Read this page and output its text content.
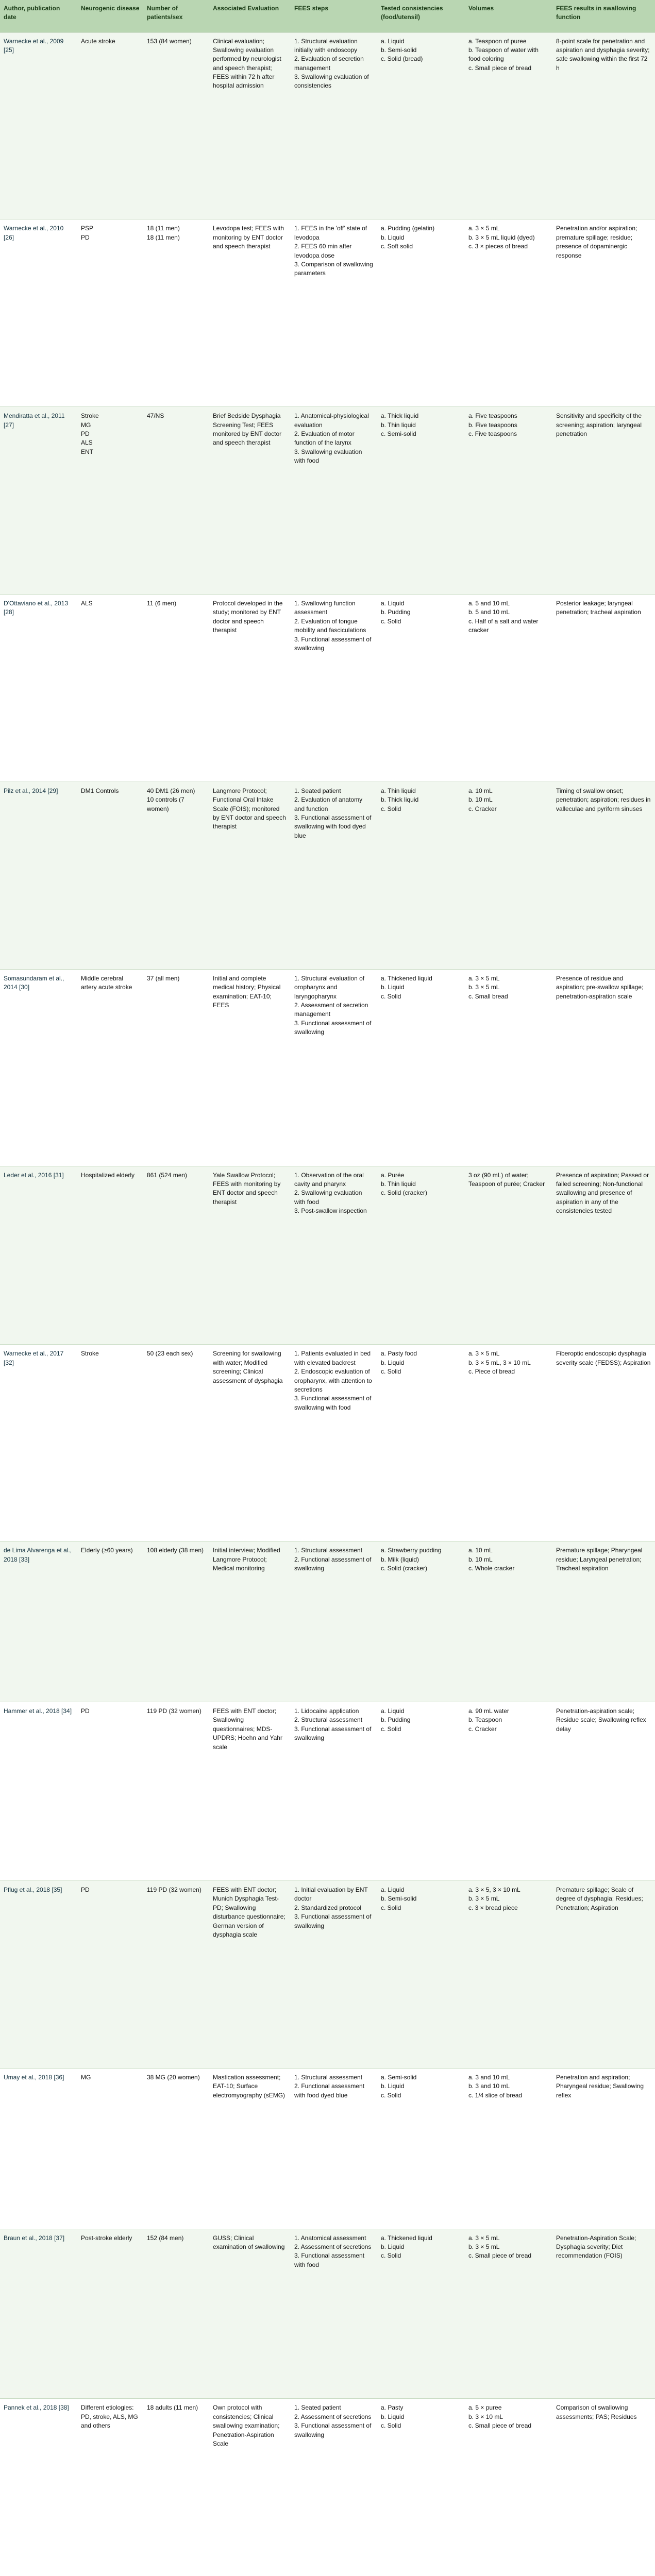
Author, publication date	Neurogenic disease	Number of patients/sex	Associated Evaluation	FEES steps	Tested consistencies (food/utensil)	Volumes	FEES results in swallowing function

Warnecke et al., 2009 [25]	Acute stroke	153 (84 women)	Clinical evaluation; Swallowing evaluation performed by neurologist and speech therapist; FEES within 72 h after hospital admission	1. Structural evaluation initially with endoscopy
2. Evaluation of secretion management
3. Swallowing evaluation of consistencies	a. Liquid
b. Semi-solid
c. Solid (bread)	a. Teaspoon of puree
b. Teaspoon of water with food coloring
c. Small piece of bread	8-point scale for penetration and aspiration and dysphagia severity; safe swallowing within the first 72 h

Warnecke et al., 2010 [26]	PSP
PD	18 (11 men)
18 (11 men)	Levodopa test; FEES with monitoring by ENT doctor and speech therapist	1. FEES in the 'off' state of levodopa
2. FEES 60 min after levodopa dose
3. Comparison of swallowing parameters	a. Pudding (gelatin)
b. Liquid
c. Soft solid	a. 3 × 5 mL
b. 3 × 5 mL liquid (dyed)
c. 3 × pieces of bread	Penetration and/or aspiration; premature spillage; residue; presence of dopaminergic response

Mendiratta et al., 2011 [27]	Stroke
MG
PD
ALS
ENT	47/NS	Brief Bedside Dysphagia Screening Test; FEES monitored by ENT doctor and speech therapist	1. Anatomical-physiological evaluation
2. Evaluation of motor function of the larynx
3. Swallowing evaluation with food	a. Thick liquid
b. Thin liquid
c. Semi-solid	a. Five teaspoons
b. Five teaspoons
c. Five teaspoons	Sensitivity and specificity of the screening; aspiration; laryngeal penetration

D'Ottaviano et al., 2013 [28]	ALS	11 (6 men)	Protocol developed in the study; monitored by ENT doctor and speech therapist	1. Swallowing function assessment
2. Evaluation of tongue mobility and fasciculations
3. Functional assessment of swallowing	a. Liquid
b. Pudding
c. Solid	a. 5 and 10 mL
b. 5 and 10 mL
c. Half of a salt and water cracker	Posterior leakage; laryngeal penetration; tracheal aspiration

Pilz et al., 2014 [29]	DM1 Controls	40 DM1 (26 men)
10 controls (7 women)	Langmore Protocol; Functional Oral Intake Scale (FOIS); monitored by ENT doctor and speech therapist	1. Seated patient
2. Evaluation of anatomy and function
3. Functional assessment of swallowing with food dyed blue	a. Thin liquid
b. Thick liquid
c. Solid	a. 10 mL
b. 10 mL
c. Cracker	Timing of swallow onset; penetration; aspiration; residues in valleculae and pyriform sinuses

Somasundaram et al., 2014 [30]	Middle cerebral artery acute stroke	37 (all men)	Initial and complete medical history; Physical examination; EAT-10; FEES	1. Structural evaluation of oropharynx and laryngopharynx
2. Assessment of secretion management
3. Functional assessment of swallowing	a. Thickened liquid
b. Liquid
c. Solid	a. 3 × 5 mL
b. 3 × 5 mL
c. Small bread	Presence of residue and aspiration; pre-swallow spillage; penetration-aspiration scale

Leder et al., 2016 [31]	Hospitalized elderly	861 (524 men)	Yale Swallow Protocol; FEES with monitoring by ENT doctor and speech therapist	1. Observation of the oral cavity and pharynx
2. Swallowing evaluation with food
3. Post-swallow inspection	a. Purée
b. Thin liquid
c. Solid (cracker)	3 oz (90 mL) of water; Teaspoon of purée; Cracker	Presence of aspiration; Passed or failed screening; Non-functional swallowing and presence of aspiration in any of the consistencies tested

Warnecke et al., 2017 [32]	Stroke	50 (23 each sex)	Screening for swallowing with water; Modified screening; Clinical assessment of dysphagia	1. Patients evaluated in bed with elevated backrest
2. Endoscopic evaluation of oropharynx, with attention to secretions
3. Functional assessment of swallowing with food	a. Pasty food
b. Liquid
c. Solid	a. 3 × 5 mL
b. 3 × 5 mL, 3 × 10 mL
c. Piece of bread	Fiberoptic endoscopic dysphagia severity scale (FEDSS); Aspiration

de Lima Alvarenga et al., 2018 [33]	Elderly (≥60 years)	108 elderly (38 men)	Initial interview; Modified Langmore Protocol; Medical monitoring	1. Structural assessment
2. Functional assessment of swallowing	a. Strawberry pudding
b. Milk (liquid)
c. Solid (cracker)	a. 10 mL
b. 10 mL
c. Whole cracker	Premature spillage; Pharyngeal residue; Laryngeal penetration; Tracheal aspiration

Hammer et al., 2018 [34]	PD	119 PD (32 women)	FEES with ENT doctor; Swallowing questionnaires; MDS-UPDRS; Hoehn and Yahr scale	1. Lidocaine application
2. Structural assessment
3. Functional assessment of swallowing	a. Liquid
b. Pudding
c. Solid	a. 90 mL water
b. Teaspoon
c. Cracker	Penetration-aspiration scale; Residue scale; Swallowing reflex delay

Pflug et al., 2018 [35]	PD	119 PD (32 women)	FEES with ENT doctor; Munich Dysphagia Test-PD; Swallowing disturbance questionnaire; German version of dysphagia scale	1. Initial evaluation by ENT doctor
2. Standardized protocol
3. Functional assessment of swallowing	a. Liquid
b. Semi-solid
c. Solid	a. 3 × 5, 3 × 10 mL
b. 3 × 5 mL
c. 3 × bread piece	Premature spillage; Scale of degree of dysphagia; Residues; Penetration; Aspiration

Umay et al., 2018 [36]	MG	38 MG (20 women)	Mastication assessment; EAT-10; Surface electromyography (sEMG)	1. Structural assessment
2. Functional assessment with food dyed blue	a. Semi-solid
b. Liquid
c. Solid	a. 3 and 10 mL
b. 3 and 10 mL
c. 1/4 slice of bread	Penetration and aspiration; Pharyngeal residue; Swallowing reflex

Braun et al., 2018 [37]	Post-stroke elderly	152 (84 men)	GUSS; Clinical examination of swallowing	1. Anatomical assessment
2. Assessment of secretions
3. Functional assessment with food	a. Thickened liquid
b. Liquid
c. Solid	a. 3 × 5 mL
b. 3 × 5 mL
c. Small piece of bread	Penetration-Aspiration Scale; Dysphagia severity; Diet recommendation (FOIS)

Pannek et al., 2018 [38]	Different etiologies: PD, stroke, ALS, MG and others	18 adults (11 men)	Own protocol with consistencies; Clinical swallowing examination; Penetration-Aspiration Scale	1. Seated patient
2. Assessment of secretions
3. Functional assessment of swallowing	a. Pasty
b. Liquid
c. Solid	a. 5 × puree
b. 3 × 10 mL
c. Small piece of bread	Comparison of swallowing assessments; PAS; Residues
